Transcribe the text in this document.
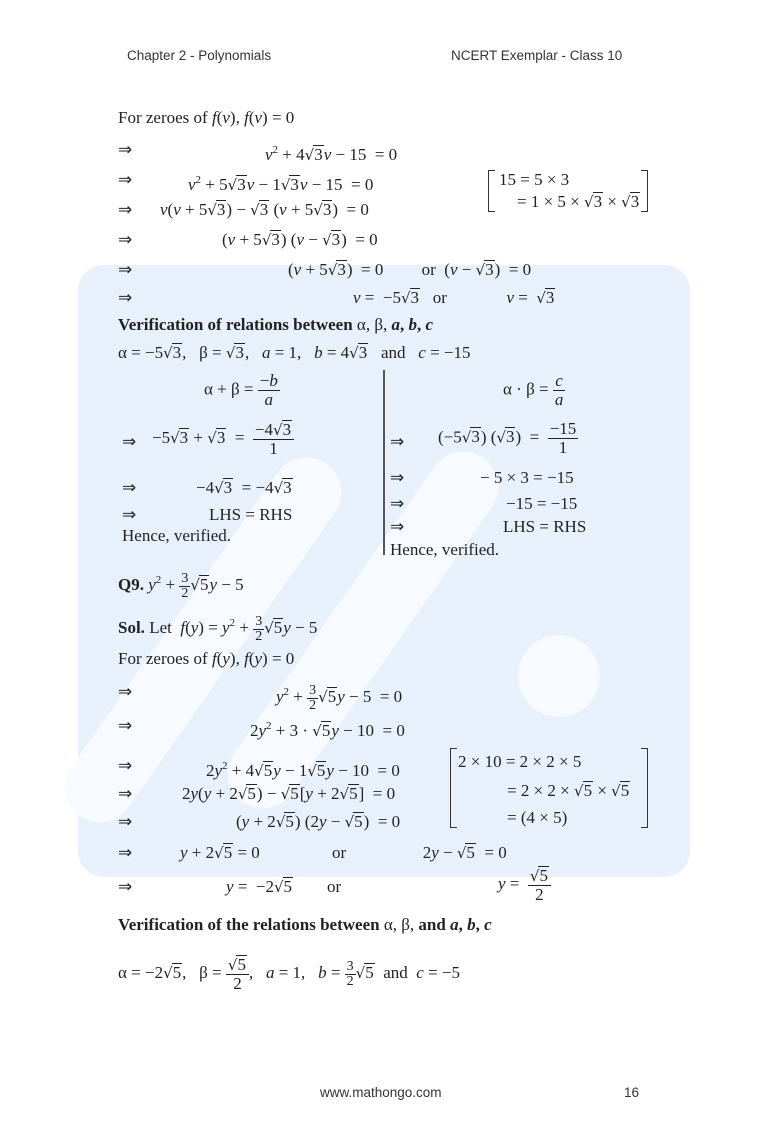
Chapter 2 - Polynomials	NCERT Exemplar - Class 10
For zeroes of f(v), f(v) = 0
⇒	$v^2 + 4√3v - 15 = 0$
⇒	$v^2 + 5√3v - 1√3v - 15 = 0$
⇒ v(v + 5√3) − √3 (v + 5√3)  = 0
⇒	(v + 5√3) (v − √3)  = 0
15 = 5 × 3
= 1 × 5 × √3 × √3
⇒	(v + 5√3)  = 0         or  (v − √3)  = 0
⇒	v =  −5√3   or              v =  √3
Verification of relations between α, β, a, b, c
α = −5√3,   β = √3,   a = 1,   b = 4√3   and   c = −15
$\alpha + \beta = \frac{-b}{a}$
⇒ $-5√3 + √3 = \frac{-4√3}{1}$
⇒	−4√3  = −4√3
⇒	LHS = RHS
Hence, verified.
$\alpha \cdot \beta = \frac{c}{a}$
⇒ (−5√3) $(√3) = \frac{-15}{1}$
⇒	− 5 × 3 = −15
⇒	−15 = −15
⇒	LHS = RHS
Hence, verified.
Q9. $y^2 + \frac{3}{2} √5y - 5$
Sol. Let  $f(y) = y^2 + \frac{3}{2} √5y - 5$
For zeroes of f(y), f(y) = 0
⇒	$y^2 + \frac{3}{2} √5y - 5 = 0$
⇒	$2y^2 + 3 \cdot √5y - 10 = 0$
⇒	$2y^2 + 4√5y - 1√5y - 10 = 0$
⇒	2y(y + 2√5) − √5[y + 2√5]  = 0
⇒	(y + 2√5) (2y − √5)  = 0
2 × 10 = 2 × 2 × 5
= 2 × 2 × √5 × √5
= (4 × 5)
⇒	y + 2√5 = 0                 or                  2y − √5  = 0
⇒	y =  −2√5        or	$y = \frac{√5}{2}$
Verification of the relations between α, β, and a, b, c
α = −2√5,   $\beta = \frac{√5}{2}$ ,   a = 1,   $b = \frac{3}{2} √5$  and  c = −5
www.mathongo.com	16
